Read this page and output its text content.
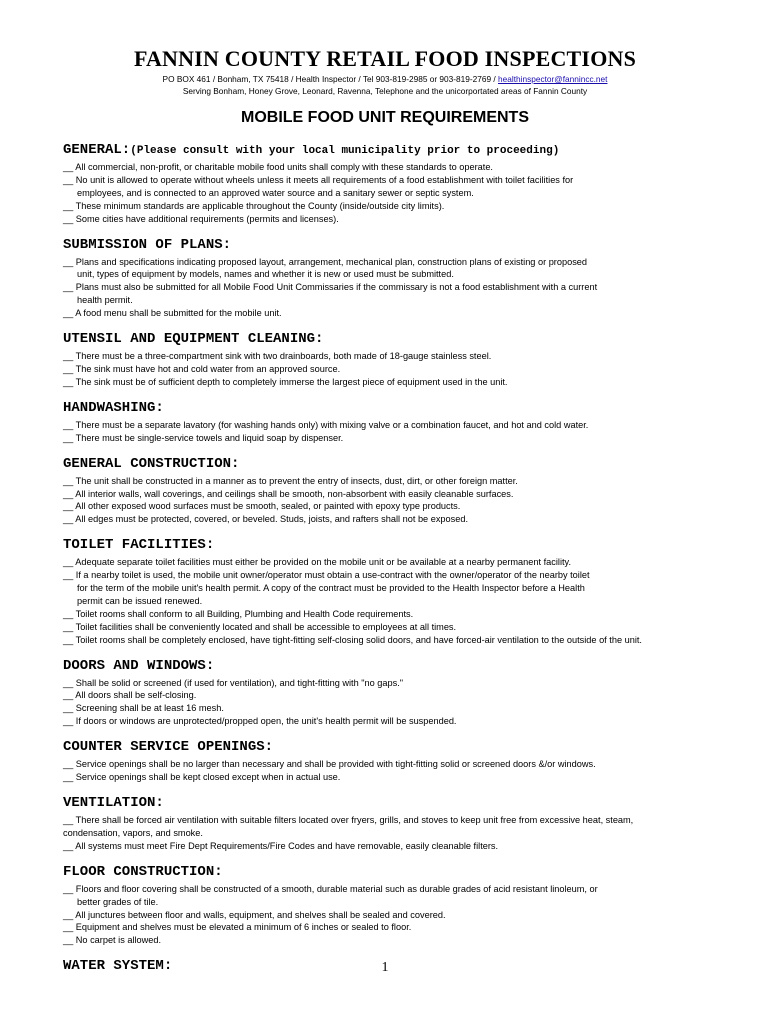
FANNIN COUNTY RETAIL FOOD INSPECTIONS
PO BOX 461 / Bonham, TX 75418 / Health Inspector / Tel 903-819-2985 or 903-819-2769 / healthinspector@fannincc.net
Serving Bonham, Honey Grove, Leonard, Ravenna, Telephone and the unicorportated areas of Fannin County
MOBILE FOOD UNIT REQUIREMENTS
GENERAL:(Please consult with your local municipality prior to proceeding)
__ All commercial, non-profit, or charitable mobile food units shall comply with these standards to operate.
__ No unit is allowed to operate without wheels unless it meets all requirements of a food establishment with toilet facilities for
employees, and is connected to an approved water source and a sanitary sewer or septic system.
__ These minimum standards are applicable throughout the County (inside/outside city limits).
__ Some cities have additional requirements (permits and licenses).
SUBMISSION OF PLANS:
__ Plans and specifications indicating proposed layout, arrangement, mechanical plan, construction plans of existing or proposed
unit, types of equipment by models, names and whether it is new or used must be submitted.
__ Plans must also be submitted for all Mobile Food Unit Commissaries if the commissary is not a food establishment with a current
health permit.
__ A food menu shall be submitted for the mobile unit.
UTENSIL AND EQUIPMENT CLEANING:
__ There must be a three-compartment sink with two drainboards, both made of 18-gauge stainless steel.
__ The sink must have hot and cold water from an approved source.
__ The sink must be of sufficient depth to completely immerse the largest piece of equipment used in the unit.
HANDWASHING:
__ There must be a separate lavatory (for washing hands only) with mixing valve or a combination faucet, and hot and cold water.
__ There must be single-service towels and liquid soap by dispenser.
GENERAL CONSTRUCTION:
__ The unit shall be constructed in a manner as to prevent the entry of insects, dust, dirt, or other foreign matter.
__ All interior walls, wall coverings, and ceilings shall be smooth, non-absorbent with easily cleanable surfaces.
__ All other exposed wood surfaces must be smooth, sealed, or painted with epoxy type products.
__ All edges must be protected, covered, or beveled. Studs, joists, and rafters shall not be exposed.
TOILET FACILITIES:
__ Adequate separate toilet facilities must either be provided on the mobile unit or be available at a nearby permanent facility.
__ If a nearby toilet is used, the mobile unit owner/operator must obtain a use-contract with the owner/operator of the nearby toilet
for the term of the mobile unit's health permit. A copy of the contract must be provided to the Health Inspector before a Health
permit can be issued renewed.
__ Toilet rooms shall conform to all Building, Plumbing and Health Code requirements.
__ Toilet facilities shall be conveniently located and shall be accessible to employees at all times.
__ Toilet rooms shall be completely enclosed, have tight-fitting self-closing solid doors, and have forced-air ventilation to the outside of the unit.
DOORS AND WINDOWS:
__ Shall be solid or screened (if used for ventilation), and tight-fitting with "no gaps."
__ All doors shall be self-closing.
__ Screening shall be at least 16 mesh.
__ If doors or windows are unprotected/propped open, the unit's health permit will be suspended.
COUNTER SERVICE OPENINGS:
__ Service openings shall be no larger than necessary and shall be provided with tight-fitting solid or screened doors &/or windows.
__ Service openings shall be kept closed except when in actual use.
VENTILATION:
__ There shall be forced air ventilation with suitable filters located over fryers, grills, and stoves to keep unit free from excessive heat, steam,
condensation, vapors, and smoke.
__ All systems must meet Fire Dept Requirements/Fire Codes and have removable, easily cleanable filters.
FLOOR CONSTRUCTION:
__ Floors and floor covering shall be constructed of a smooth, durable material such as durable grades of acid resistant linoleum, or
better grades of tile.
__ All junctures between floor and walls, equipment, and shelves shall be sealed and covered.
__ Equipment and shelves must be elevated a minimum of 6 inches or sealed to floor.
__ No carpet is allowed.
WATER SYSTEM:	1
